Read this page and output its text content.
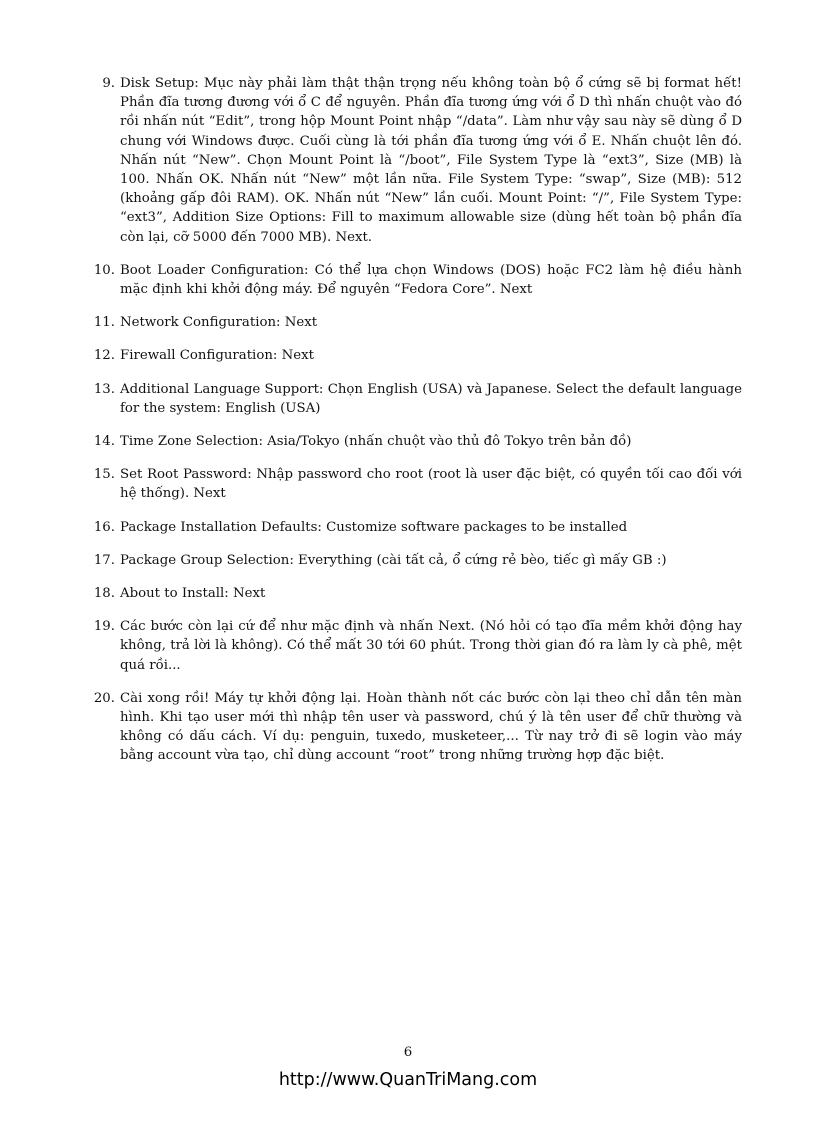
9. Disk Setup: Mục này phải làm thật thận trọng nếu không toàn bộ ổ cứng sẽ bị format hết! Phần đĩa tương đương với ổ C để nguyên. Phần đĩa tương ứng với ổ D thì nhấn chuột vào đó rồi nhấn nút “Edit”, trong hộp Mount Point nhập “/data”. Làm như vậy sau này sẽ dùng ổ D chung với Windows được. Cuối cùng là tới phần đĩa tương ứng với ổ E. Nhấn chuột lên đó. Nhấn nút “New”. Chọn Mount Point là “/boot”, File System Type là “ext3”, Size (MB) là 100. Nhấn OK. Nhấn nút “New” một lần nữa. File System Type: “swap”, Size (MB): 512 (khoảng gấp đôi RAM). OK. Nhấn nút “New” lần cuối. Mount Point: “/”, File System Type: “ext3”, Addition Size Options: Fill to maximum allowable size (dùng hết toàn bộ phần đĩa còn lại, cỡ 5000 đến 7000 MB). Next.
10. Boot Loader Configuration: Có thể lựa chọn Windows (DOS) hoặc FC2 làm hệ điều hành mặc định khi khởi động máy. Để nguyên “Fedora Core”. Next
11. Network Configuration: Next
12. Firewall Configuration: Next
13. Additional Language Support: Chọn English (USA) và Japanese. Select the default language for the system: English (USA)
14. Time Zone Selection: Asia/Tokyo (nhấn chuột vào thủ đô Tokyo trên bản đồ)
15. Set Root Password: Nhập password cho root (root là user đặc biệt, có quyền tối cao đối với hệ thống). Next
16. Package Installation Defaults: Customize software packages to be installed
17. Package Group Selection: Everything (cài tất cả, ổ cứng rẻ bèo, tiếc gì mấy GB :)
18. About to Install: Next
19. Các bước còn lại cứ để như mặc định và nhấn Next. (Nó hỏi có tạo đĩa mềm khởi động hay không, trả lời là không). Có thể mất 30 tới 60 phút. Trong thời gian đó ra làm ly cà phê, mệt quá rồi...
20. Cài xong rồi! Máy tự khởi động lại. Hoàn thành nốt các bước còn lại theo chỉ dẫn tên màn hình. Khi tạo user mới thì nhập tên user và password, chú ý là tên user để chữ thường và không có dấu cách. Ví dụ: penguin, tuxedo, musketeer,... Từ nay trở đi sẽ login vào máy bằng account vừa tạo, chỉ dùng account “root” trong những trường hợp đặc biệt.
6
http://www.QuanTriMang.com
